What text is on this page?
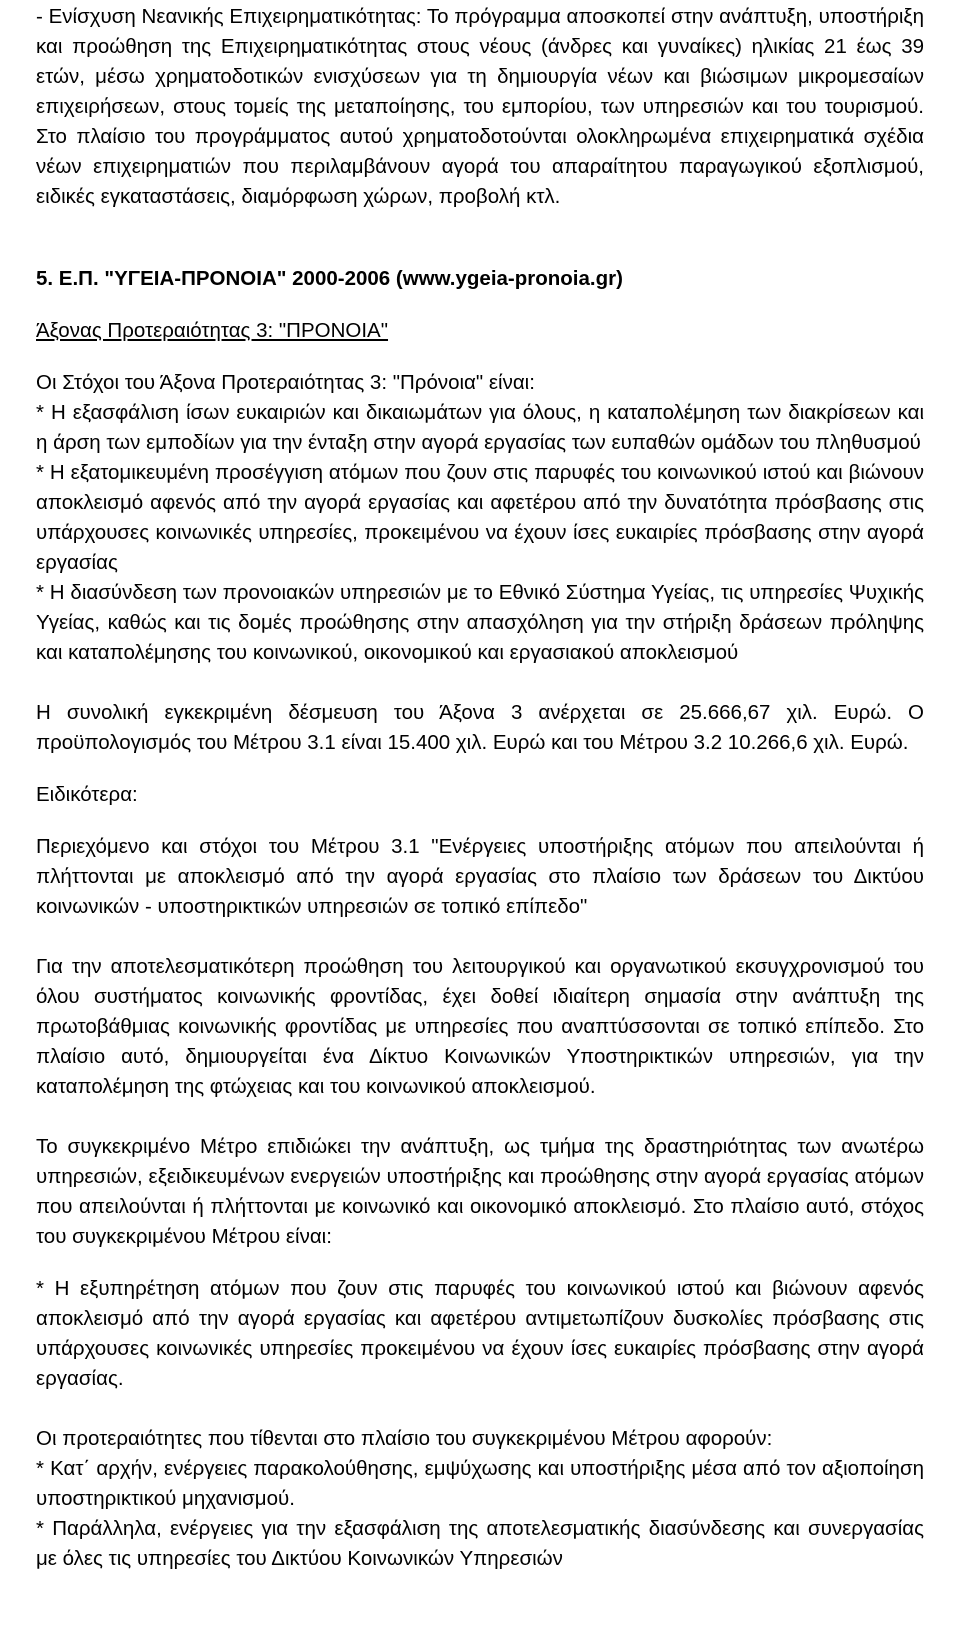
- Ενίσχυση Νεανικής Επιχειρηματικότητας: Το πρόγραμμα αποσκοπεί στην ανάπτυξη, υποστήριξη και προώθηση της Επιχειρηματικότητας στους νέους (άνδρες και γυναίκες) ηλικίας 21 έως 39 ετών, μέσω χρηματοδοτικών ενισχύσεων για τη δημιουργία νέων και βιώσιμων μικρομεσαίων επιχειρήσεων, στους τομείς της μεταποίησης, του εμπορίου, των υπηρεσιών και του τουρισμού. Στο πλαίσιο του προγράμματος αυτού χρηματοδοτούνται ολοκληρωμένα επιχειρηματικά σχέδια νέων επιχειρηματιών που περιλαμβάνουν αγορά του απαραίτητου παραγωγικού εξοπλισμού, ειδικές εγκαταστάσεις, διαμόρφωση χώρων, προβολή κτλ.

5. Ε.Π. "ΥΓΕΙΑ-ΠΡΟΝΟΙΑ" 2000-2006 (www.ygeia-pronoia.gr)

Άξονας Προτεραιότητας 3: "ΠΡΟΝΟΙΑ"

Οι Στόχοι του Άξονα Προτεραιότητας 3: "Πρόνοια" είναι:

* Η εξασφάλιση ίσων ευκαιριών και δικαιωμάτων για όλους, η καταπολέμηση των διακρίσεων και η άρση των εμποδίων για την ένταξη στην αγορά εργασίας των ευπαθών ομάδων του πληθυσμού

* Η εξατομικευμένη προσέγγιση ατόμων που ζουν στις παρυφές του κοινωνικού ιστού και βιώνουν αποκλεισμό αφενός από την αγορά εργασίας και αφετέρου από την δυνατότητα πρόσβασης στις υπάρχουσες κοινωνικές υπηρεσίες, προκειμένου να έχουν ίσες ευκαιρίες πρόσβασης στην αγορά εργασίας

* Η διασύνδεση των προνοιακών υπηρεσιών με το Εθνικό Σύστημα Υγείας, τις υπηρεσίες Ψυχικής Υγείας, καθώς και τις δομές προώθησης στην απασχόληση για την στήριξη δράσεων πρόληψης και καταπολέμησης του κοινωνικού, οικονομικού και εργασιακού αποκλεισμού

Η συνολική εγκεκριμένη δέσμευση του Άξονα 3 ανέρχεται σε 25.666,67 χιλ. Ευρώ. Ο προϋπολογισμός του Μέτρου 3.1 είναι 15.400 χιλ. Ευρώ και του Μέτρου 3.2 10.266,6 χιλ. Ευρώ.

Ειδικότερα:

Περιεχόμενο και στόχοι του Μέτρου 3.1 "Ενέργειες υποστήριξης ατόμων που απειλούνται ή πλήττονται με αποκλεισμό από την αγορά εργασίας στο πλαίσιο των δράσεων του Δικτύου κοινωνικών - υποστηρικτικών υπηρεσιών σε τοπικό επίπεδο"

Για την αποτελεσματικότερη προώθηση του λειτουργικού και οργανωτικού εκσυγχρονισμού του όλου συστήματος κοινωνικής φροντίδας, έχει δοθεί ιδιαίτερη σημασία στην ανάπτυξη της πρωτοβάθμιας κοινωνικής φροντίδας με υπηρεσίες που αναπτύσσονται σε τοπικό επίπεδο. Στο πλαίσιο αυτό, δημιουργείται ένα Δίκτυο Κοινωνικών Υποστηρικτικών υπηρεσιών, για την καταπολέμηση της φτώχειας και του κοινωνικού αποκλεισμού.

Το συγκεκριμένο Μέτρο επιδιώκει την ανάπτυξη, ως τμήμα της δραστηριότητας των ανωτέρω υπηρεσιών, εξειδικευμένων ενεργειών υποστήριξης και προώθησης στην αγορά εργασίας ατόμων που απειλούνται ή πλήττονται με κοινωνικό και οικονομικό αποκλεισμό. Στο πλαίσιο αυτό, στόχος του συγκεκριμένου Μέτρου είναι:

* Η εξυπηρέτηση ατόμων που ζουν στις παρυφές του κοινωνικού ιστού και βιώνουν αφενός αποκλεισμό από την αγορά εργασίας και αφετέρου αντιμετωπίζουν δυσκολίες πρόσβασης στις υπάρχουσες κοινωνικές υπηρεσίες προκειμένου να έχουν ίσες ευκαιρίες πρόσβασης στην αγορά εργασίας.

Οι προτεραιότητες που τίθενται στο πλαίσιο του συγκεκριμένου Μέτρου αφορούν:

* Κατ΄ αρχήν, ενέργειες παρακολούθησης, εμψύχωσης και υποστήριξης μέσα από τον αξιοποίηση υποστηρικτικού μηχανισμού.

* Παράλληλα, ενέργειες για την εξασφάλιση της αποτελεσματικής διασύνδεσης και συνεργασίας με όλες τις υπηρεσίες του Δικτύου Κοινωνικών Υπηρεσιών
